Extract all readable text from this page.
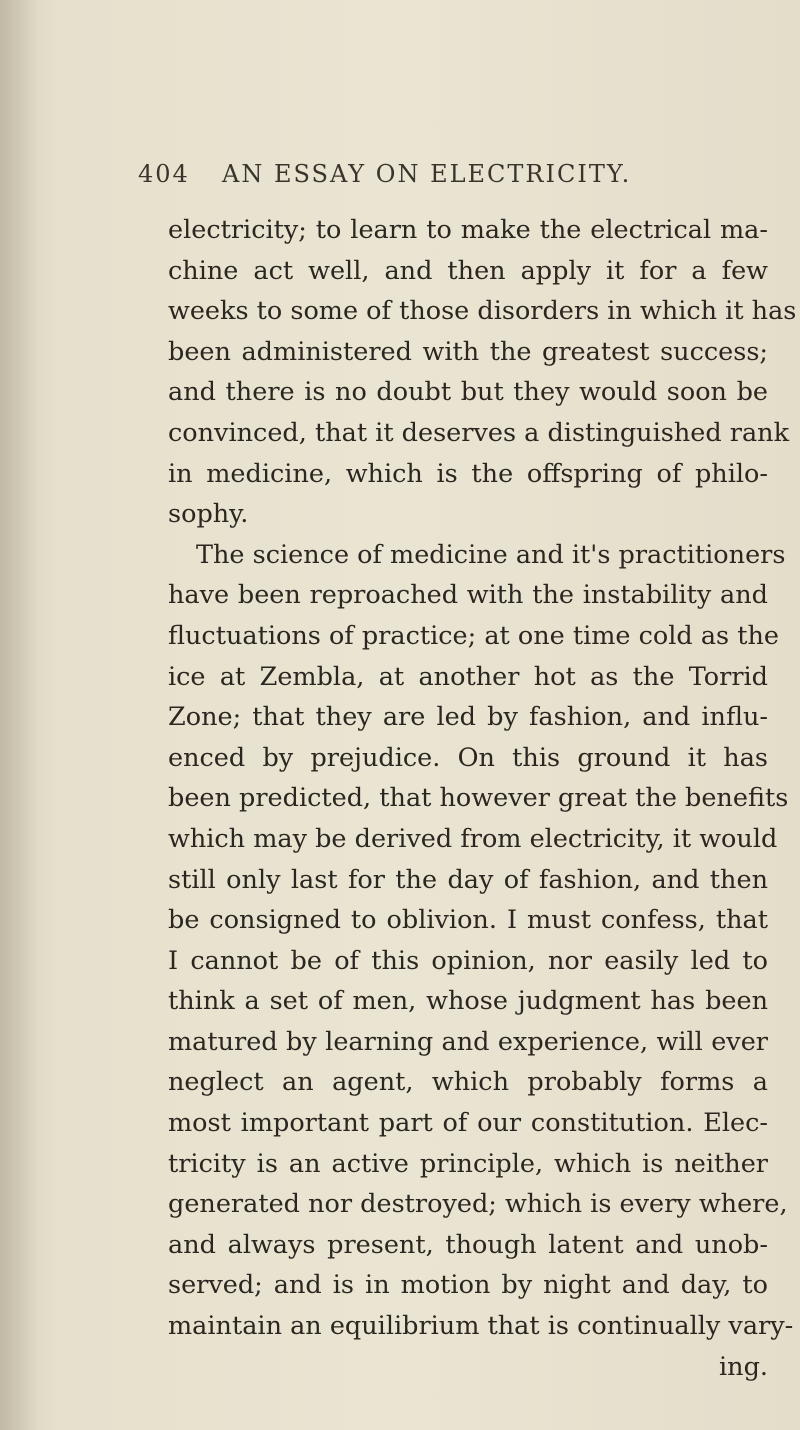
404 AN ESSAY ON ELECTRICITY.
electricity; to learn to make the electrical ma-
chine act well, and then apply it for a few
weeks to some of those disorders in which it has
been administered with the greatest success;
and there is no doubt but they would soon be
convinced, that it deserves a distinguished rank
in medicine, which is the offspring of philo-
sophy.
The science of medicine and it's practitioners
have been reproached with the instability and
fluctuations of practice; at one time cold as the
ice at Zembla, at another hot as the Torrid
Zone; that they are led by fashion, and influ-
enced by prejudice. On this ground it has
been predicted, that however great the benefits
which may be derived from electricity, it would
still only last for the day of fashion, and then
be consigned to oblivion. I must confess, that
I cannot be of this opinion, nor easily led to
think a set of men, whose judgment has been
matured by learning and experience, will ever
neglect an agent, which probably forms a
most important part of our constitution. Elec-
tricity is an active principle, which is neither
generated nor destroyed; which is every where,
and always present, though latent and unob-
served; and is in motion by night and day, to
maintain an equilibrium that is continually vary-
ing.
